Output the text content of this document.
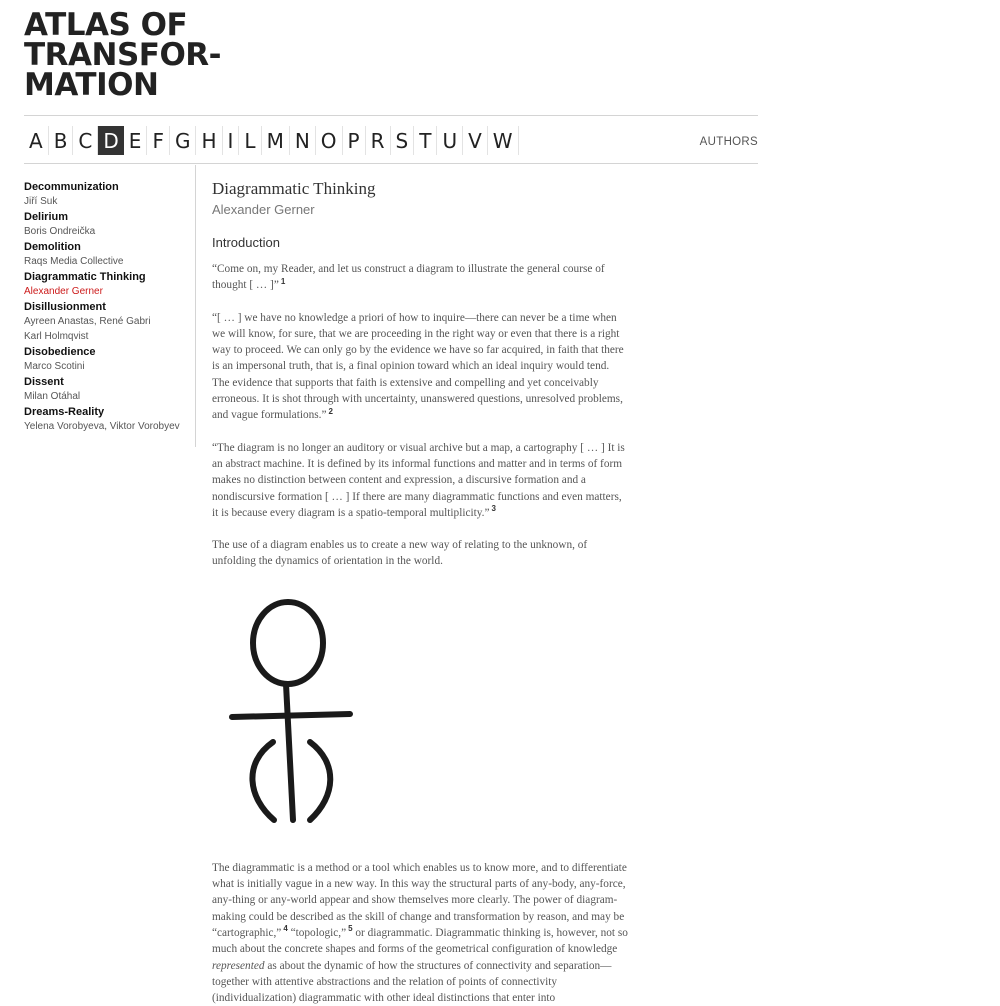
ATLAS OF
TRANSFOR-
MATION
A B C D E F G H I L M N O P R S T U V W	AUTHORS
Decommunization
Jiří Suk
Delirium
Boris Ondreička
Demolition
Raqs Media Collective
Diagrammatic Thinking
Alexander Gerner
Disillusionment
Ayreen Anastas, René Gabri
Karl Holmqvist
Disobedience
Marco Scotini
Dissent
Milan Otáhal
Dreams-Reality
Yelena Vorobyeva, Viktor Vorobyev
Diagrammatic Thinking
Alexander Gerner
Introduction

“Come on, my Reader, and let us construct a diagram to illustrate the general course of thought [ … ]” $^1$

“[ … ] we have no knowledge a priori of how to inquire—there can never be a time when we will know, for sure, that we are proceeding in the right way or even that there is a right way to proceed. We can only go by the evidence we have so far acquired, in faith that there is an impersonal truth, that is, a final opinion toward which an ideal inquiry would tend. The evidence that supports that faith is extensive and compelling and yet conceivably erroneous. It is shot through with uncertainty, unanswered questions, unresolved problems, and vague formulations.” $^2$

“The diagram is no longer an auditory or visual archive but a map, a cartography [ … ] It is an abstract machine. It is defined by its informal functions and matter and in terms of form makes no distinction between content and expression, a discursive formation and a nondiscursive formation [ … ] If there are many diagrammatic functions and even matters, it is because every diagram is a spatio-temporal multiplicity.” $^3$

The use of a diagram enables us to create a new way of relating to the unknown, of unfolding the dynamics of orientation in the world.

The diagrammatic is a method or a tool which enables us to know more, and to differentiate what is initially vague in a new way. In this way the structural parts of any-body, any-force, any-thing or any-world appear and show themselves more clearly. The power of diagram-making could be described as the skill of change and transformation by reason, and may be “cartographic,” $^4$ “topologic,” $^5$ or diagrammatic. Diagrammatic thinking is, however, not so much about the concrete shapes and forms of the geometrical configuration of knowledge represented as about the dynamic of how the structures of connectivity and separation—together with attentive abstractions and the relation of points of connectivity (individualization) diagrammatic with other ideal distinctions that enter into
